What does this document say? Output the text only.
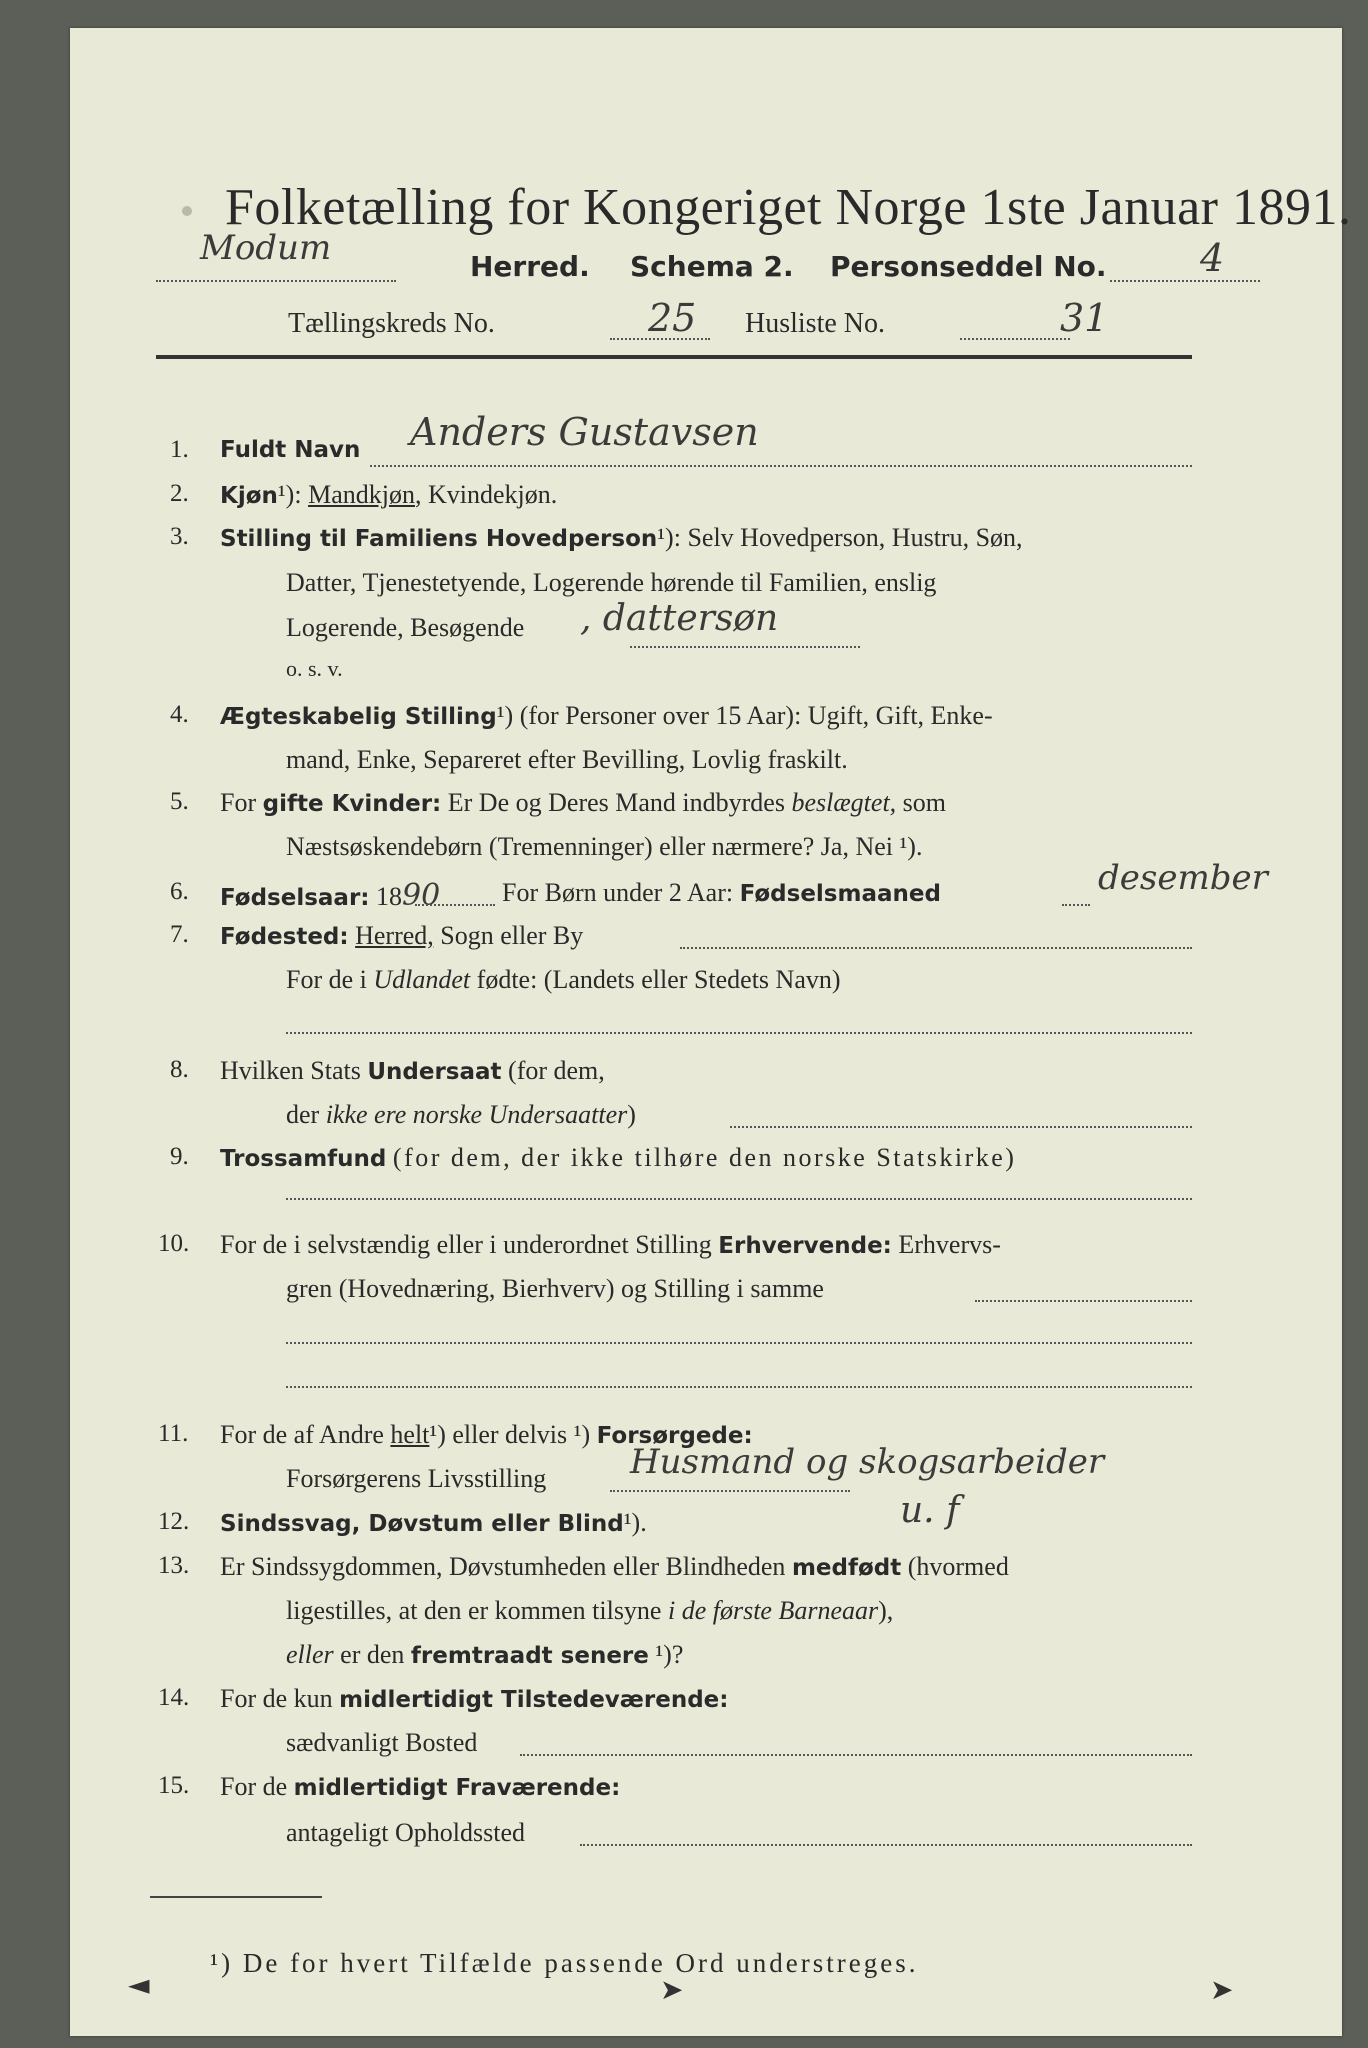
Folketælling for Kongeriget Norge 1ste Januar 1891.
Modum	Herred. Schema 2. Personseddel No. 4
Tællingskreds No.	25 Husliste No.	31
1. Fuldt Navn Anders Gustavsen
2. Kjøn¹): Mandkjøn, Kvindekjøn.
3. Stilling til Familiens Hovedperson¹): Selv Hovedperson, Hustru, Søn,
Datter, Tjenestetyende, Logerende hørende til Familien, enslig
Logerende, Besøgende , dattersøn
o. s. v.
4. Ægteskabelig Stilling¹) (for Personer over 15 Aar): Ugift, Gift, Enke-
mand, Enke, Separeret efter Bevilling, Lovlig fraskilt.
5. For gifte Kvinder: Er De og Deres Mand indbyrdes beslægtet, som
Næstsøskendebørn (Tremenninger) eller nærmere? Ja, Nei ¹).
6. Fødselsaar: 1890 For Børn under 2 Aar: Fødselsmaaned	desember
7. Fødested: Herred, Sogn eller By
For de i Udlandet fødte: (Landets eller Stedets Navn)
8. Hvilken Stats Undersaat (for dem,
der ikke ere norske Undersaatter)
9. Trossamfund (for dem, der ikke tilhøre den norske Statskirke)
10. For de i selvstændig eller i underordnet Stilling Erhvervende: Erhvervs-
gren (Hovednæring, Bierhverv) og Stilling i samme
11. For de af Andre helt¹) eller delvis ¹) Forsørgede:
Forsørgerens Livsstilling Husmand og skogsarbeider
12. Sindssvag, Døvstum eller Blind¹).	u. f
13. Er Sindssygdommen, Døvstumheden eller Blindheden medfødt (hvormed
ligestilles, at den er kommen tilsyne i de første Barneaar),
eller er den fremtraadt senere ¹)?
14. For de kun midlertidigt Tilstedeværende:
sædvanligt Bosted
15. For de midlertidigt Fraværende:
antageligt Opholdssted
¹) De for hvert Tilfælde passende Ord understreges.
◄	➤	➤
